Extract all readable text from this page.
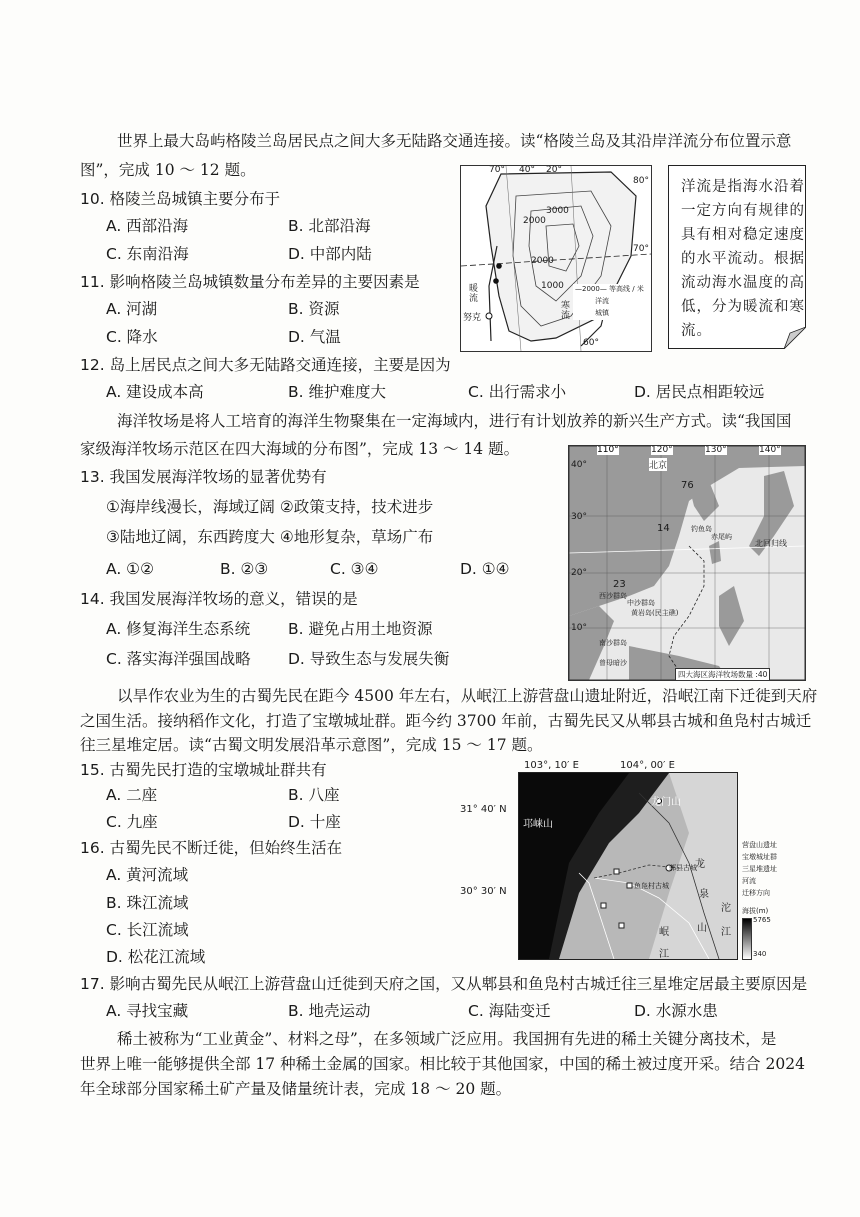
世界上最大岛屿格陵兰岛居民点之间大多无陆路交通连接。读“格陵兰岛及其沿岸洋流分布位置示意
图”，完成 10 ～ 12 题。
10. 格陵兰岛城镇主要分布于
A. 西部沿海	B. 北部沿海
C. 东南沿海	D. 中部内陆
11. 影响格陵兰岛城镇数量分布差异的主要因素是
A. 河湖	B. 资源
C. 降水	D. 气温
12. 岛上居民点之间大多无陆路交通连接，主要是因为
A. 建设成本高	B. 维护难度大	C. 出行需求小	D. 居民点相距较远
70° 40° 20°
80°
70°
60°
2000
3000
2000
1000
暖流
寒流
努克
—2000— 等高线 / 米
洋流
城镇
洋流是指海水沿着
一定方向有规律的
具有相对稳定速度
的水平流动。根据
流动海水温度的高
低，分为暖流和寒
流。
海洋牧场是将人工培育的海洋生物聚集在一定海域内，进行有计划放养的新兴生产方式。读“我国国
家级海洋牧场示范区在四大海域的分布图”，完成 13 ～ 14 题。
13. 我国发展海洋牧场的显著优势有
①海岸线漫长，海域辽阔 ②政策支持，技术进步
③陆地辽阔，东西跨度大 ④地形复杂，草场广布
A. ①②	B. ②③	C. ③④	D. ①④
14. 我国发展海洋牧场的意义，错误的是
A. 修复海洋生态系统 B. 避免占用土地资源
C. 落实海洋强国战略 D. 导致生态与发展失衡
110°	120°	130°	140°
40°
30°
20°
10°
北京
76
14
23
北回归线
钓鱼岛
赤尾屿
西沙群岛
中沙群岛
黄岩岛(民主礁)
南沙群岛
曾母暗沙
四大海区海洋牧场数量 :40
以旱作农业为生的古蜀先民在距今 4500 年左右，从岷江上游营盘山遗址附近，沿岷江南下迁徙到天府
之国生活。接纳稻作文化，打造了宝墩城址群。距今约 3700 年前，古蜀先民又从郫县古城和鱼凫村古城迁
往三星堆定居。读“古蜀文明发展沿革示意图”，完成 15 ～ 17 题。
15. 古蜀先民打造的宝墩城址群共有
A. 二座	B. 八座
C. 九座	D. 十座
16. 古蜀先民不断迁徙，但始终生活在
A. 黄河流域
B. 珠江流域
C. 长江流域
D. 松花江流域
103°, 10′ E	104°, 00′ E
31° 40′ N
30° 30′ N
龙门山
邛崃山
郫县古城
鱼凫村古城
岷
江
龙
泉
山
沱
江
营盘山遗址
宝墩城址群
三星堆遗址
河流
迁移方向
海拔(m)
5765
340
17. 影响古蜀先民从岷江上游营盘山迁徙到天府之国，又从郫县和鱼凫村古城迁往三星堆定居最主要原因是
A. 寻找宝藏	B. 地壳运动	C. 海陆变迁	D. 水源水患
稀土被称为“工业黄金”、材料之母”，在多领域广泛应用。我国拥有先进的稀土关键分离技术，是
世界上唯一能够提供全部 17 种稀土金属的国家。相比较于其他国家，中国的稀土被过度开采。结合 2024
年全球部分国家稀土矿产量及储量统计表，完成 18 ～ 20 题。
